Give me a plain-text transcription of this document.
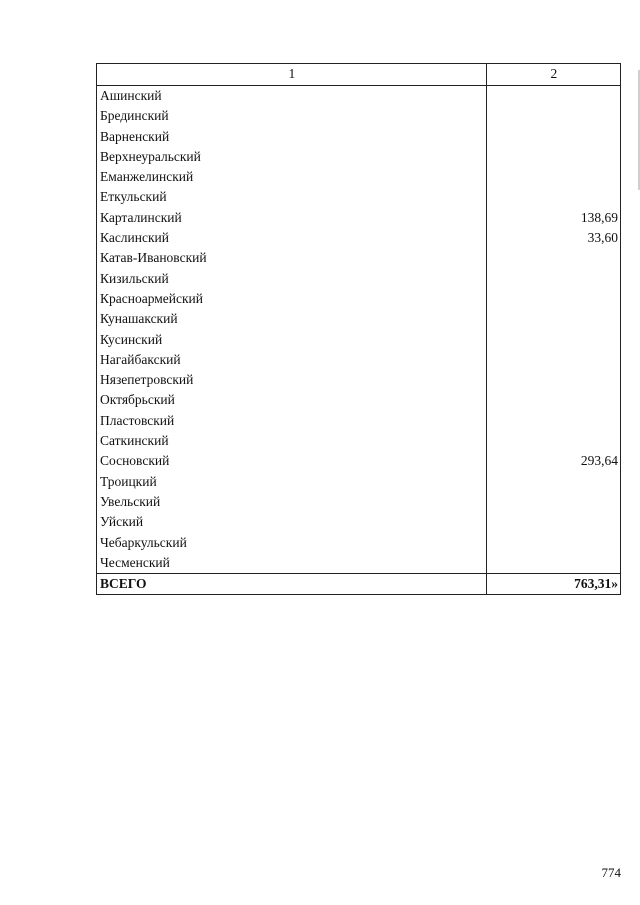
1	2
Ашинский	
Брединский	
Варненский	
Верхнеуральский	
Еманжелинский	
Еткульский	
Карталинский	138,69
Каслинский	33,60
Катав-Ивановский	
Кизильский	
Красноармейский	
Кунашакский	
Кусинский	
Нагайбакский	
Нязепетровский	
Октябрьский	
Пластовский	
Саткинский	
Сосновский	293,64
Троицкий	
Увельский	
Уйский	
Чебаркульский	
Чесменский	
ВСЕГО	763,31»
774
